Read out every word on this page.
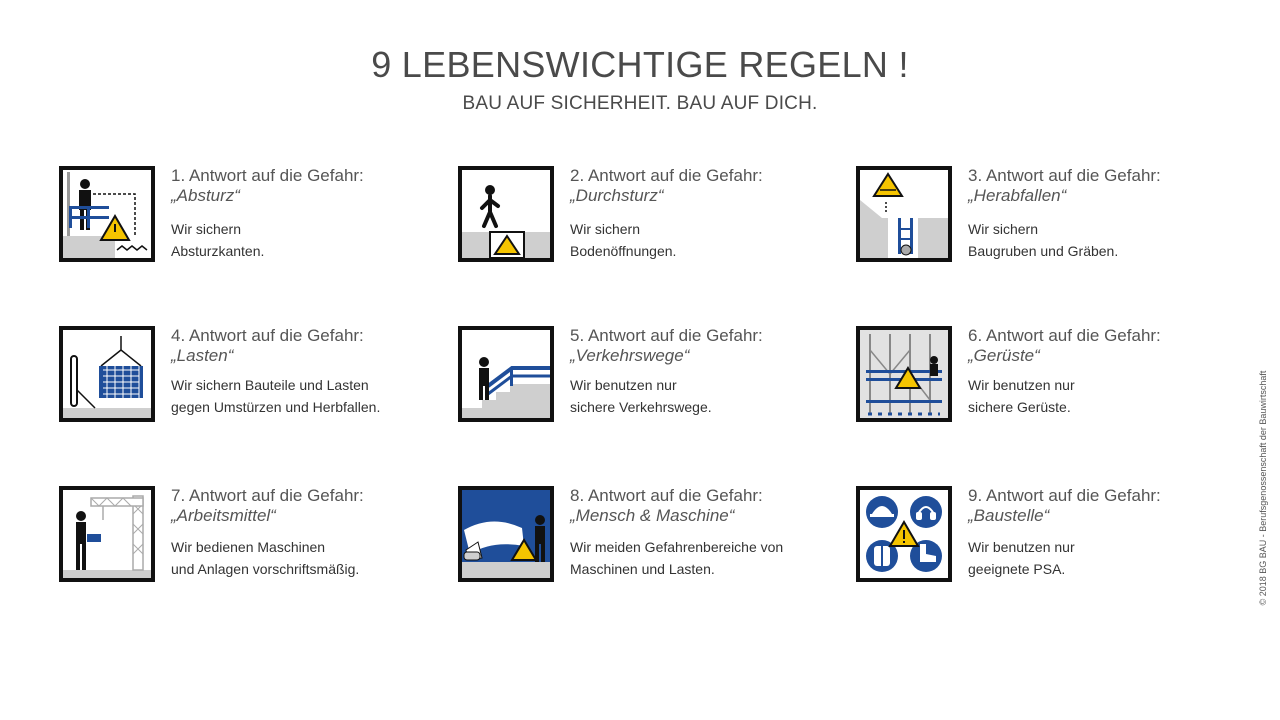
9 LEBENSWICHTIGE REGELN !
BAU AUF SICHERHEIT. BAU AUF DICH.
1. Antwort auf die Gefahr:
„Absturz“
Wir sichern
Absturzkanten.
2. Antwort auf die Gefahr:
„Durchsturz“
Wir sichern
Bodenöffnungen.
3. Antwort auf die Gefahr:
„Herabfallen“
Wir sichern
Baugruben und Gräben.
4. Antwort auf die Gefahr:
„Lasten“
Wir sichern Bauteile und Lasten
gegen Umstürzen und Herbfallen.
5. Antwort auf die Gefahr:
„Verkehrswege“
Wir benutzen nur
sichere Verkehrswege.
6. Antwort auf die Gefahr:
„Gerüste“
Wir benutzen nur
sichere Gerüste.
7. Antwort auf die Gefahr:
„Arbeitsmittel“
Wir bedienen Maschinen
und Anlagen vorschriftsmäßig.
8. Antwort auf die Gefahr:
„Mensch & Maschine“
Wir meiden Gefahrenbereiche von
Maschinen und Lasten.
9. Antwort auf die Gefahr:
„Baustelle“
Wir benutzen nur
geeignete PSA.	© 2018 BG BAU - Berufsgenossenschaft der Bauwirtschaft
